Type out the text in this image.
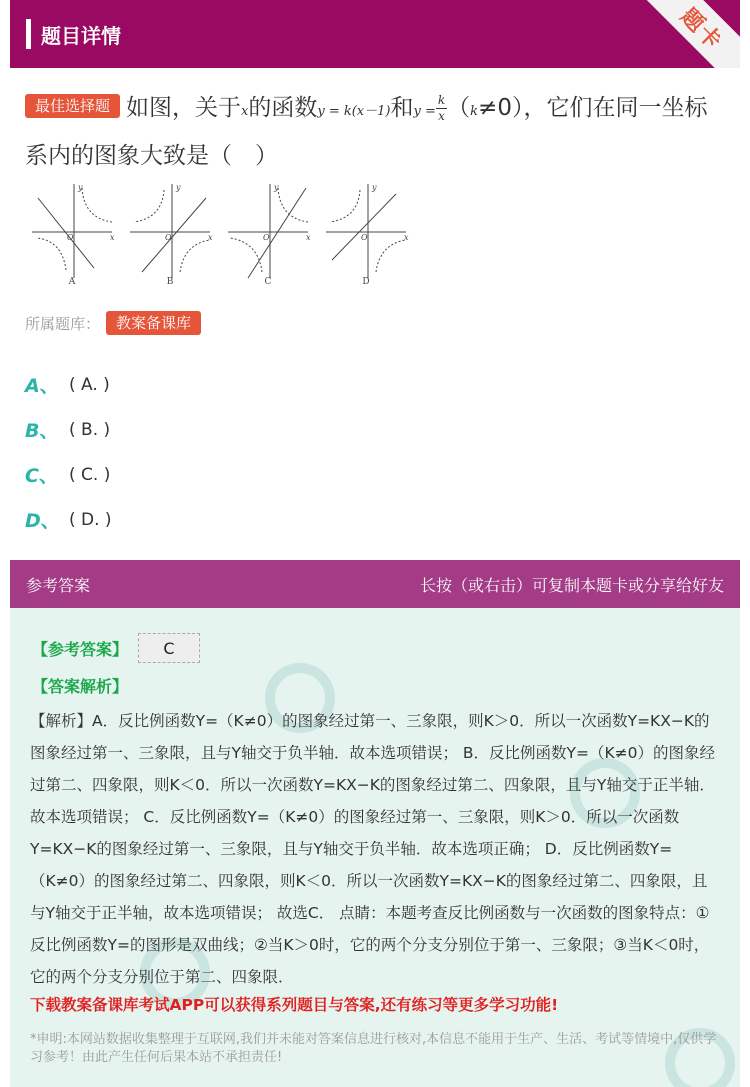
题目详情	题卡
最佳选择题 如图，关于x的函数y = k(x－1)和$y = \frac{k}{x} (k\ne 0)$，它们在同一坐标系内的图象大致是（　）
y
x
O
y
x
O
y
x
O
y
x
O
A	B	C	D
所属题库：	教案备课库
A、 ( A. )
B、 ( B. )
C、 ( C. )
D、 ( D. )
参考答案	长按（或右击）可复制本题卡或分享给好友
【参考答案】	C
【答案解析】
【解析】A．反比例函数Y=（K≠0）的图象经过第一、三象限，则K＞0．所以一次函数Y=KX−K的图象经过第一、三象限，且与Y轴交于负半轴．故本选项错误； B．反比例函数Y=（K≠0）的图象经过第二、四象限，则K＜0．所以一次函数Y=KX−K的图象经过第二、四象限，且与Y轴交于正半轴．故本选项错误； C．反比例函数Y=（K≠0）的图象经过第一、三象限，则K＞0．所以一次函数Y=KX−K的图象经过第一、三象限，且与Y轴交于负半轴．故本选项正确； D．反比例函数Y=（K≠0）的图象经过第二、四象限，则K＜0．所以一次函数Y=KX−K的图象经过第二、四象限，且与Y轴交于正半轴，故本选项错误； 故选C． 点睛：本题考查反比例函数与一次函数的图象特点：①反比例函数Y=的图形是双曲线；②当K＞0时，它的两个分支分别位于第一、三象限；③当K＜0时，它的两个分支分别位于第二、四象限．
下载教案备课库考试APP可以获得系列题目与答案,还有练习等更多学习功能!
*申明:本网站数据收集整理于互联网,我们并未能对答案信息进行核对,本信息不能用于生产、生活、考试等情境中,仅供学习参考！由此产生任何后果本站不承担责任!
